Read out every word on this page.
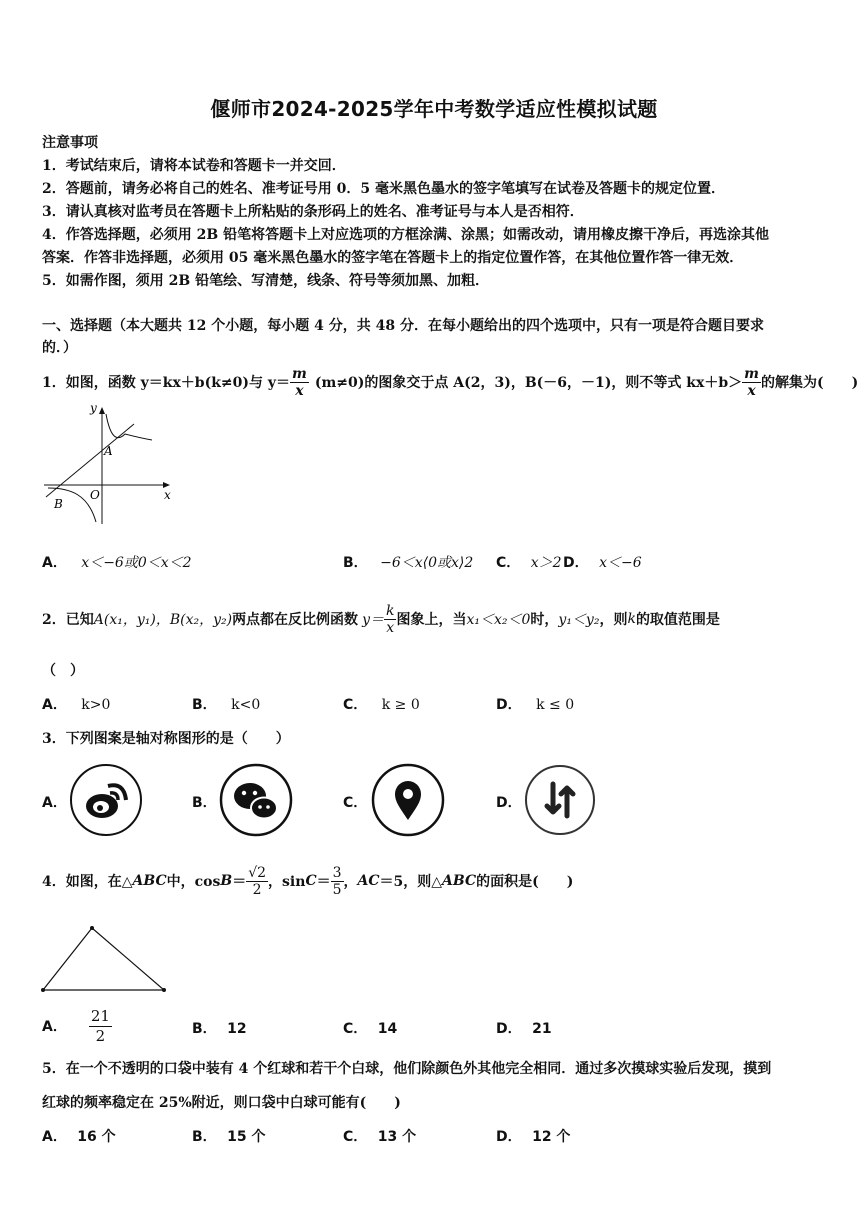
偃师市2024-2025学年中考数学适应性模拟试题
注意事项
1．考试结束后，请将本试卷和答题卡一并交回．
2．答题前，请务必将自己的姓名、准考证号用 0．5 毫米黑色墨水的签字笔填写在试卷及答题卡的规定位置．
3．请认真核对监考员在答题卡上所粘贴的条形码上的姓名、准考证号与本人是否相符．
4．作答选择题，必须用 2B 铅笔将答题卡上对应选项的方框涂满、涂黑；如需改动，请用橡皮擦干净后，再选涂其他
答案．作答非选择题，必须用 05 毫米黑色墨水的签字笔在答题卡上的指定位置作答，在其他位置作答一律无效．
5．如需作图，须用 2B 铅笔绘、写清楚，线条、符号等须加黑、加粗．
一、选择题（本大题共 12 个小题，每小题 4 分，共 48 分．在每小题给出的四个选项中，只有一项是符合题目要求
的．）
1．如图，函数 y＝kx＋b(k≠0)与 $y= \frac{m}{x} (m\ne 0)$的图象交于点 A(2，3)，B(－6，－1)，则不等式 $kx+b> \frac{m}{x}$ 的解集为(　　)
y
x
O
A
B
A． x＜−6或0＜x＜2	B． −6＜x⟨0或x⟩2 C． x＞2 D． x＜−6
2．已知 A(x₁，y₁)，B(x₂，y₂) 两点都在反比例函数 $y= \frac{k}{x}$ 图象上，当 x₁＜x₂＜0 时， y₁＜y₂ ，则 k 的取值范围是
（　）
A． k>0	B． k<0	C． k ≥ 0	D． k ≤ 0
3．下列图案是轴对称图形的是（　　）
A．	B．	C．	D．
4．如图，在△ ABC 中，$\cos B = \frac{√2}{2}$ ，$\sin C = \frac{3}{5}$ ， AC ＝5，则△ ABC 的面积是(　　)
A． $\frac{21}{2}$	B． 12	C． 14	D． 21
5．在一个不透明的口袋中装有 4 个红球和若干个白球，他们除颜色外其他完全相同．通过多次摸球实验后发现，摸到
红球的频率稳定在 25%附近，则口袋中白球可能有(　　)
A． 16 个	B． 15 个	C． 13 个	D． 12 个
